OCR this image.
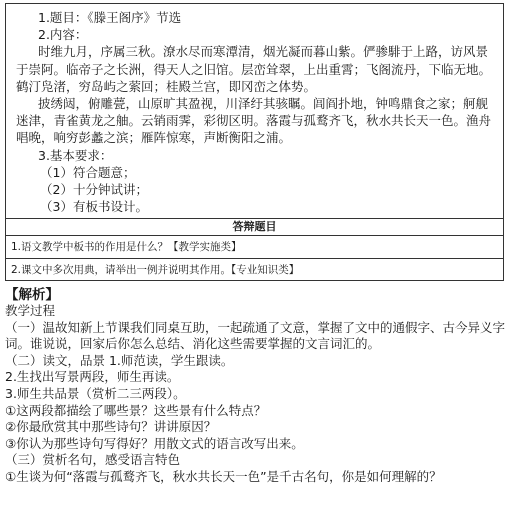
1.题目：《滕王阁序》节选
2.内容：
时维九月，序属三秋。潦水尽而寒潭清，烟光凝而暮山紫。俨骖騑于上路，访风景于崇阿。临帝子之长洲，得天人之旧馆。层峦耸翠，上出重霄；飞阁流丹，下临无地。鹤汀凫渚，穷岛屿之萦回；桂殿兰宫，即冈峦之体势。
披绣闼，俯雕甍，山原旷其盈视，川泽纡其骇瞩。闾阎扑地，钟鸣鼎食之家；舸舰迷津，青雀黄龙之舳。云销雨霁，彩彻区明。落霞与孤鹜齐飞，秋水共长天一色。渔舟唱晚，响穷彭蠡之滨；雁阵惊寒，声断衡阳之浦。
3.基本要求：
（1）符合题意；
（2）十分钟试讲；
（3）有板书设计。
答辩题目
1.语文教学中板书的作用是什么？【教学实施类】
2.课文中多次用典，请举出一例并说明其作用。【专业知识类】
【解析】
教学过程
（一）温故知新上节课我们同桌互助，一起疏通了文意，掌握了文中的通假字、古今异义字词。谁说说，回家后你怎么总结、消化这些需要掌握的文言词汇的。
（二）读文，品景 1.师范读，学生跟读。
2.生找出写景两段，师生再读。
3.师生共品景（赏析二三两段）。
①这两段都描绘了哪些景？这些景有什么特点？
②你最欣赏其中那些诗句？讲讲原因？
③你认为那些诗句写得好？用散文式的语言改写出来。
（三）赏析名句，感受语言特色
①生谈为何“落霞与孤鹜齐飞，秋水共长天一色”是千古名句，你是如何理解的？
